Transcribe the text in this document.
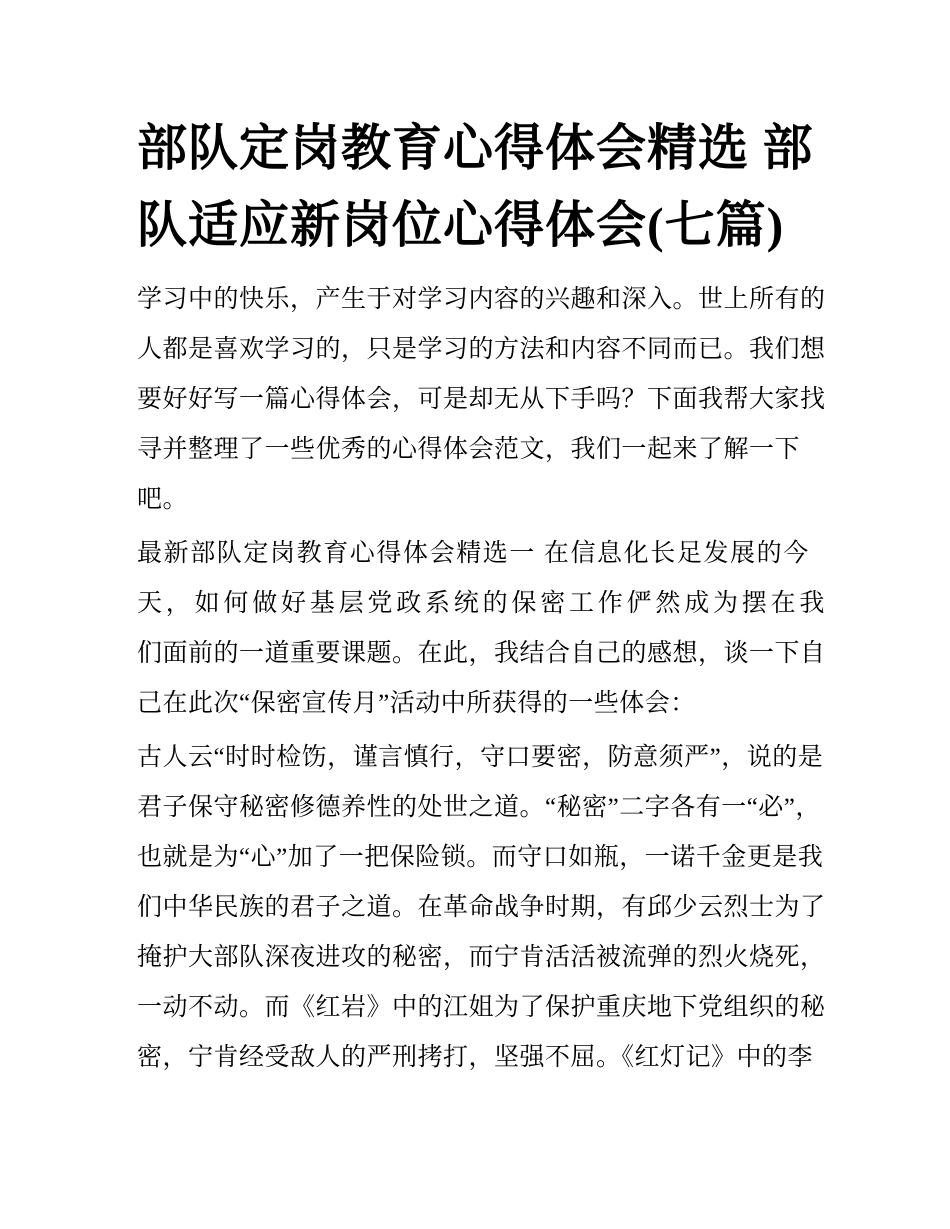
部队定岗教育心得体会精选 部
队适应新岗位心得体会(七篇)
学习中的快乐，产生于对学习内容的兴趣和深入。世上所有的
人都是喜欢学习的，只是学习的方法和内容不同而已。我们想
要好好写一篇心得体会，可是却无从下手吗？下面我帮大家找
寻并整理了一些优秀的心得体会范文，我们一起来了解一下
吧。
最新部队定岗教育心得体会精选一 在信息化长足发展的今
天，如何做好基层党政系统的保密工作俨然成为摆在我
们面前的一道重要课题。在此，我结合自己的感想，谈一下自
己在此次“保密宣传月”活动中所获得的一些体会：
古人云“时时检饬，谨言慎行，守口要密，防意须严”，说的是
君子保守秘密修德养性的处世之道。“秘密”二字各有一“必”，
也就是为“心”加了一把保险锁。而守口如瓶，一诺千金更是我
们中华民族的君子之道。在革命战争时期，有邱少云烈士为了
掩护大部队深夜进攻的秘密，而宁肯活活被流弹的烈火烧死，
一动不动。而《红岩》中的江姐为了保护重庆地下党组织的秘
密，宁肯经受敌人的严刑拷打，坚强不屈。《红灯记》中的李
